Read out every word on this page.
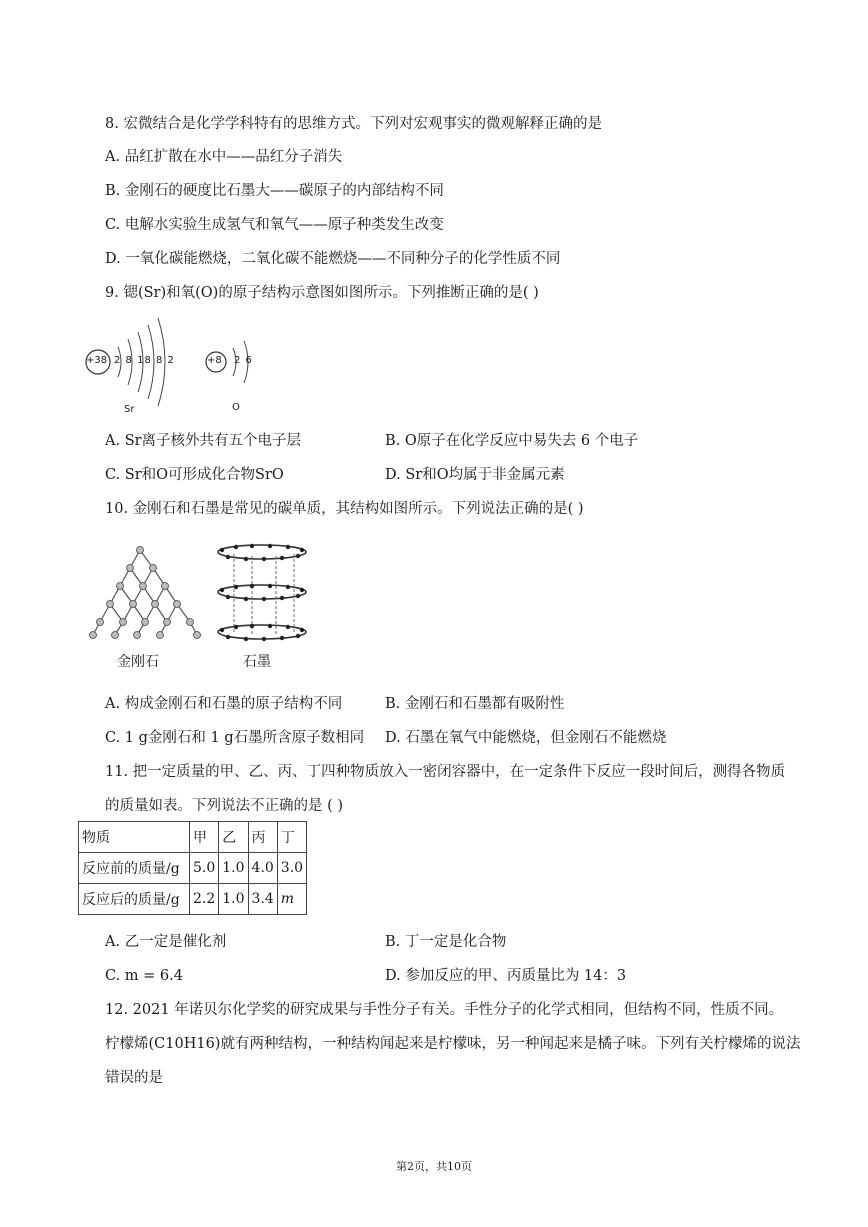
8. 宏微结合是化学学科特有的思维方式。下列对宏观事实的微观解释正确的是
A. 品红扩散在水中——品红分子消失
B. 金刚石的硬度比石墨大——碳原子的内部结构不同
C. 电解水实验生成氢气和氧气——原子种类发生改变
D. 一氧化碳能燃烧，二氧化碳不能燃烧——不同种分子的化学性质不同
9. 锶(Sr)和氧(O)的原子结构示意图如图所示。下列推断正确的是( )
+38 2 8 18 8 2	+8 2 6
Sr	O
A. Sr离子核外共有五个电子层	B. O原子在化学反应中易失去 6 个电子
C. Sr和O可形成化合物SrO	D. Sr和O均属于非金属元素
10. 金刚石和石墨是常见的碳单质，其结构如图所示。下列说法正确的是( )
金刚石	石墨
A. 构成金刚石和石墨的原子结构不同	B. 金刚石和石墨都有吸附性
C. 1 g金刚石和 1 g石墨所含原子数相同 D. 石墨在氧气中能燃烧，但金刚石不能燃烧
11. 把一定质量的甲、乙、丙、丁四种物质放入一密闭容器中，在一定条件下反应一段时间后，测得各物质
的质量如表。下列说法不正确的是 ( )
物质	甲	乙	丙	丁
反应前的质量/g	5.0	1.0	4.0	3.0
反应后的质量/g	2.2	1.0	3.4	m
A. 乙一定是催化剂	B. 丁一定是化合物
C. m = 6.4	D. 参加反应的甲、丙质量比为 14：3
12. 2021 年诺贝尔化学奖的研究成果与手性分子有关。手性分子的化学式相同，但结构不同，性质不同。
柠檬烯(C10H16)就有两种结构，一种结构闻起来是柠檬味，另一种闻起来是橘子味。下列有关柠檬烯的说法
错误的是
第2页，共10页
